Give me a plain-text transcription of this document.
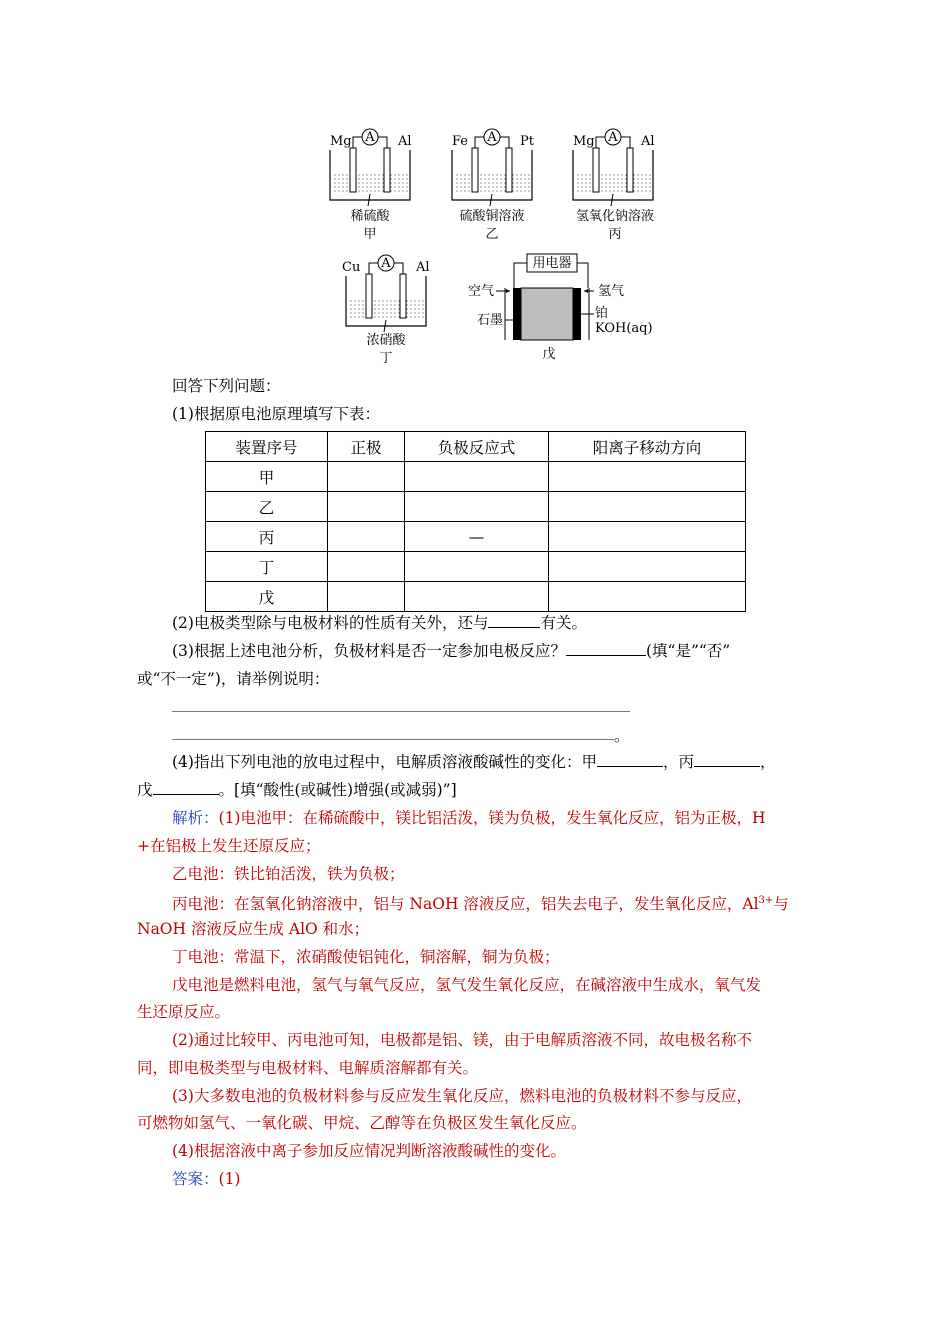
A
Mg	Al
稀硫酸
甲
A
Fe	Pt
硫酸铜溶液
乙
A
Mg	Al
氢氧化钠溶液
丙
A
Cu	Al
浓硝酸
丁
用电器
空气	氢气
石墨	铂
KOH(aq)
戊
回答下列问题：
(1)根据原电池原理填写下表：
装置序号	正极	负极反应式	阳离子移动方向
甲			
乙			
丙		—	
丁			
戊			
(2)电极类型除与电极材料的性质有关外，还与	有关。
(3)根据上述电池分析，负极材料是否一定参加电极反应？	(填“是”“否”
或“不一定”)，请举例说明：
。
(4)指出下列电池的放电过程中，电解质溶液酸碱性的变化：甲	，丙	，
戊	。[填“酸性(或碱性)增强(或减弱)”]
解析：(1)电池甲：在稀硫酸中，镁比铝活泼，镁为负极，发生氧化反应，铝为正极，H
+在铝极上发生还原反应；
乙电池：铁比铂活泼，铁为负极；
丙电池：在氢氧化钠溶液中，铝与 NaOH 溶液反应，铝失去电子，发生氧化反应，$Al^{3+}$与
NaOH 溶液反应生成 AlO 和水；
丁电池：常温下，浓硝酸使铝钝化，铜溶解，铜为负极；
戊电池是燃料电池，氢气与氧气反应，氢气发生氧化反应，在碱溶液中生成水，氧气发
生还原反应。
(2)通过比较甲、丙电池可知，电极都是铝、镁，由于电解质溶液不同，故电极名称不
同，即电极类型与电极材料、电解质溶解都有关。
(3)大多数电池的负极材料参与反应发生氧化反应，燃料电池的负极材料不参与反应，
可燃物如氢气、一氧化碳、甲烷、乙醇等在负极区发生氧化反应。
(4)根据溶液中离子参加反应情况判断溶液酸碱性的变化。
答案：(1)
